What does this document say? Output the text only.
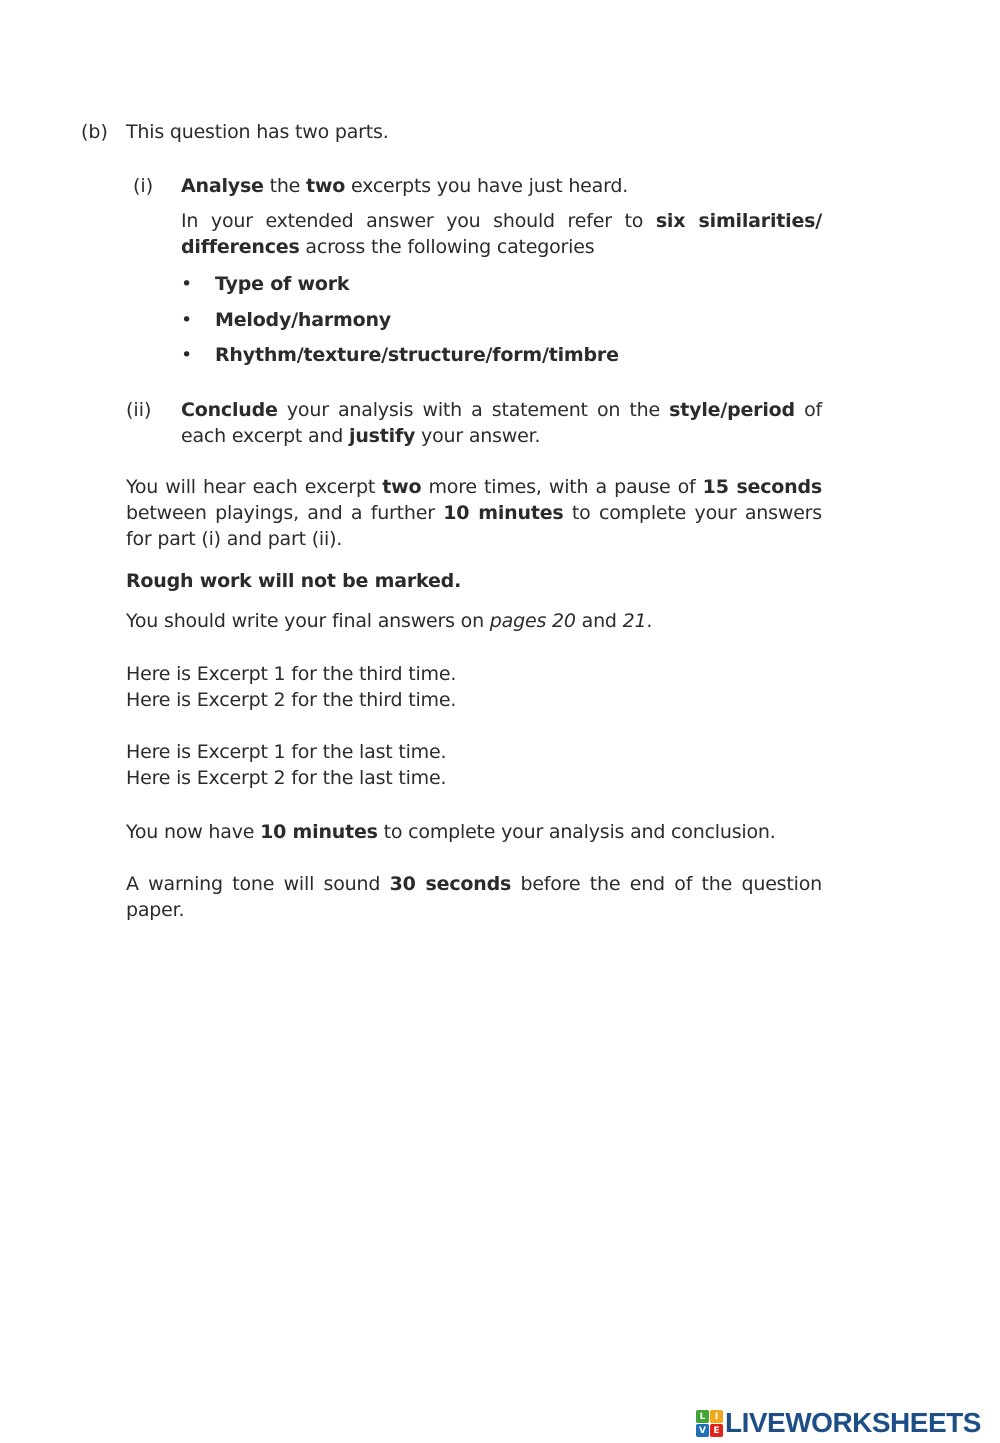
(b) This question has two parts.
(i) Analyse the two excerpts you have just heard.
In your extended answer you should refer to six similarities/ differences across the following categories
• Type of work
• Melody/harmony
• Rhythm/texture/structure/form/timbre
(ii) Conclude your analysis with a statement on the style/period of each excerpt and justify your answer.
You will hear each excerpt two more times, with a pause of 15 seconds between playings, and a further 10 minutes to complete your answers for part (i) and part (ii).
Rough work will not be marked.
You should write your final answers on pages 20 and 21.
Here is Excerpt 1 for the third time.
Here is Excerpt 2 for the third time.
Here is Excerpt 1 for the last time.
Here is Excerpt 2 for the last time.
You now have 10 minutes to complete your analysis and conclusion.
A warning tone will sound 30 seconds before the end of the question paper.
L	I
V E LIVEWORKSHEETS
